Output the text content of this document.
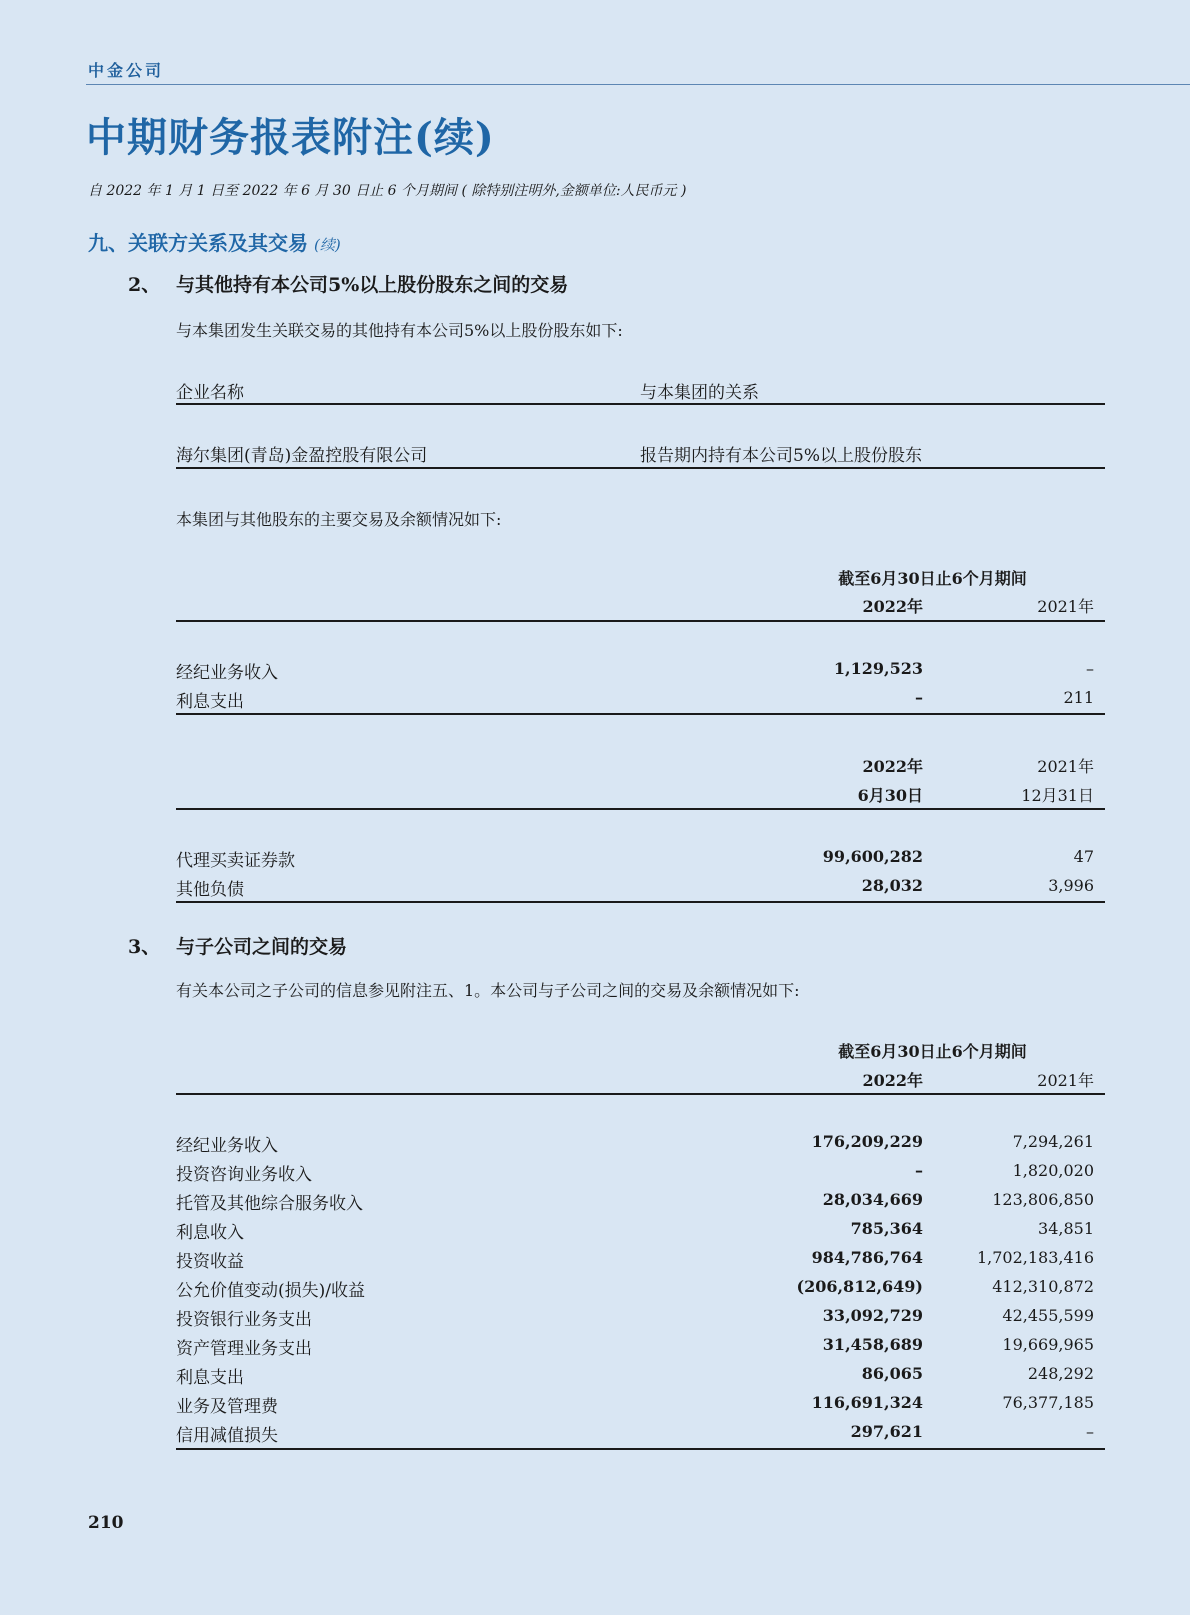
中金公司
中期财务报表附注(续)
自 2022 年 1 月 1 日至 2022 年 6 月 30 日止 6 个月期间 ( 除特别注明外,金额单位:人民币元 )
九、关联方关系及其交易 (续)
2、 与其他持有本公司5%以上股份股东之间的交易
与本集团发生关联交易的其他持有本公司5%以上股份股东如下:
企业名称	与本集团的关系
海尔集团(青岛)金盈控股有限公司	报告期内持有本公司5%以上股份股东
本集团与其他股东的主要交易及余额情况如下:
截至6月30日止6个月期间
2022年	2021年
经纪业务收入	1,129,523	–
利息支出	–	211
2022年	2021年
6月30日	12月31日
代理买卖证券款	99,600,282	47
其他负债	28,032	3,996
3、 与子公司之间的交易
有关本公司之子公司的信息参见附注五、1。本公司与子公司之间的交易及余额情况如下:
截至6月30日止6个月期间
2022年	2021年
经纪业务收入	176,209,229	7,294,261
投资咨询业务收入	–	1,820,020
托管及其他综合服务收入	28,034,669	123,806,850
利息收入	785,364	34,851
投资收益	984,786,764	1,702,183,416
公允价值变动(损失)/收益	(206,812,649)	412,310,872
投资银行业务支出	33,092,729	42,455,599
资产管理业务支出	31,458,689	19,669,965
利息支出	86,065	248,292
业务及管理费	116,691,324	76,377,185
信用减值损失	297,621	–
210
